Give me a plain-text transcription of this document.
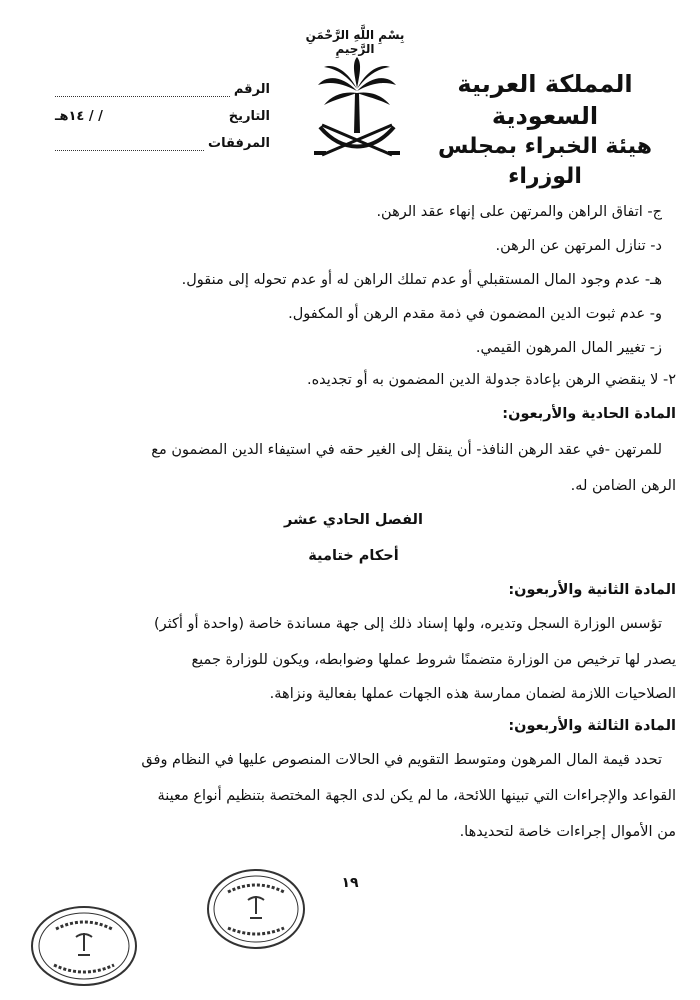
بِسْمِ اللَّهِ الرَّحْمَنِ الرَّحِيمِ
المملكة العربية السعودية
هيئة الخبراء بمجلس الوزراء
الرقم
التاريخ
/ / ١٤هـ
المرفقات
ج- اتفاق الراهن والمرتهن على إنهاء عقد الرهن.
د- تنازل المرتهن عن الرهن.
هـ- عدم وجود المال المستقبلي أو عدم تملك الراهن له أو عدم تحوله إلى منقول.
و- عدم ثبوت الدين المضمون في ذمة مقدم الرهن أو المكفول.
ز- تغيير المال المرهون القيمي.
٢- لا ينقضي الرهن بإعادة جدولة الدين المضمون به أو تجديده.
المادة الحادية والأربعون:
للمرتهن -في عقد الرهن النافذ- أن ينقل إلى الغير حقه في استيفاء الدين المضمون مع
الرهن الضامن له.
الفصل الحادي عشر
أحكام ختامية
المادة الثانية والأربعون:
تؤسس الوزارة السجل وتديره، ولها إسناد ذلك إلى جهة مساندة خاصة (واحدة أو أكثر)
يصدر لها ترخيص من الوزارة متضمنًا شروط عملها وضوابطه، ويكون للوزارة جميع
الصلاحيات اللازمة لضمان ممارسة هذه الجهات عملها بفعالية ونزاهة.
المادة الثالثة والأربعون:
تحدد قيمة المال المرهون ومتوسط التقويم في الحالات المنصوص عليها في النظام وفق
القواعد والإجراءات التي تبينها اللائحة، ما لم يكن لدى الجهة المختصة بتنظيم أنواع معينة
من الأموال إجراءات خاصة لتحديدها.
١٩
